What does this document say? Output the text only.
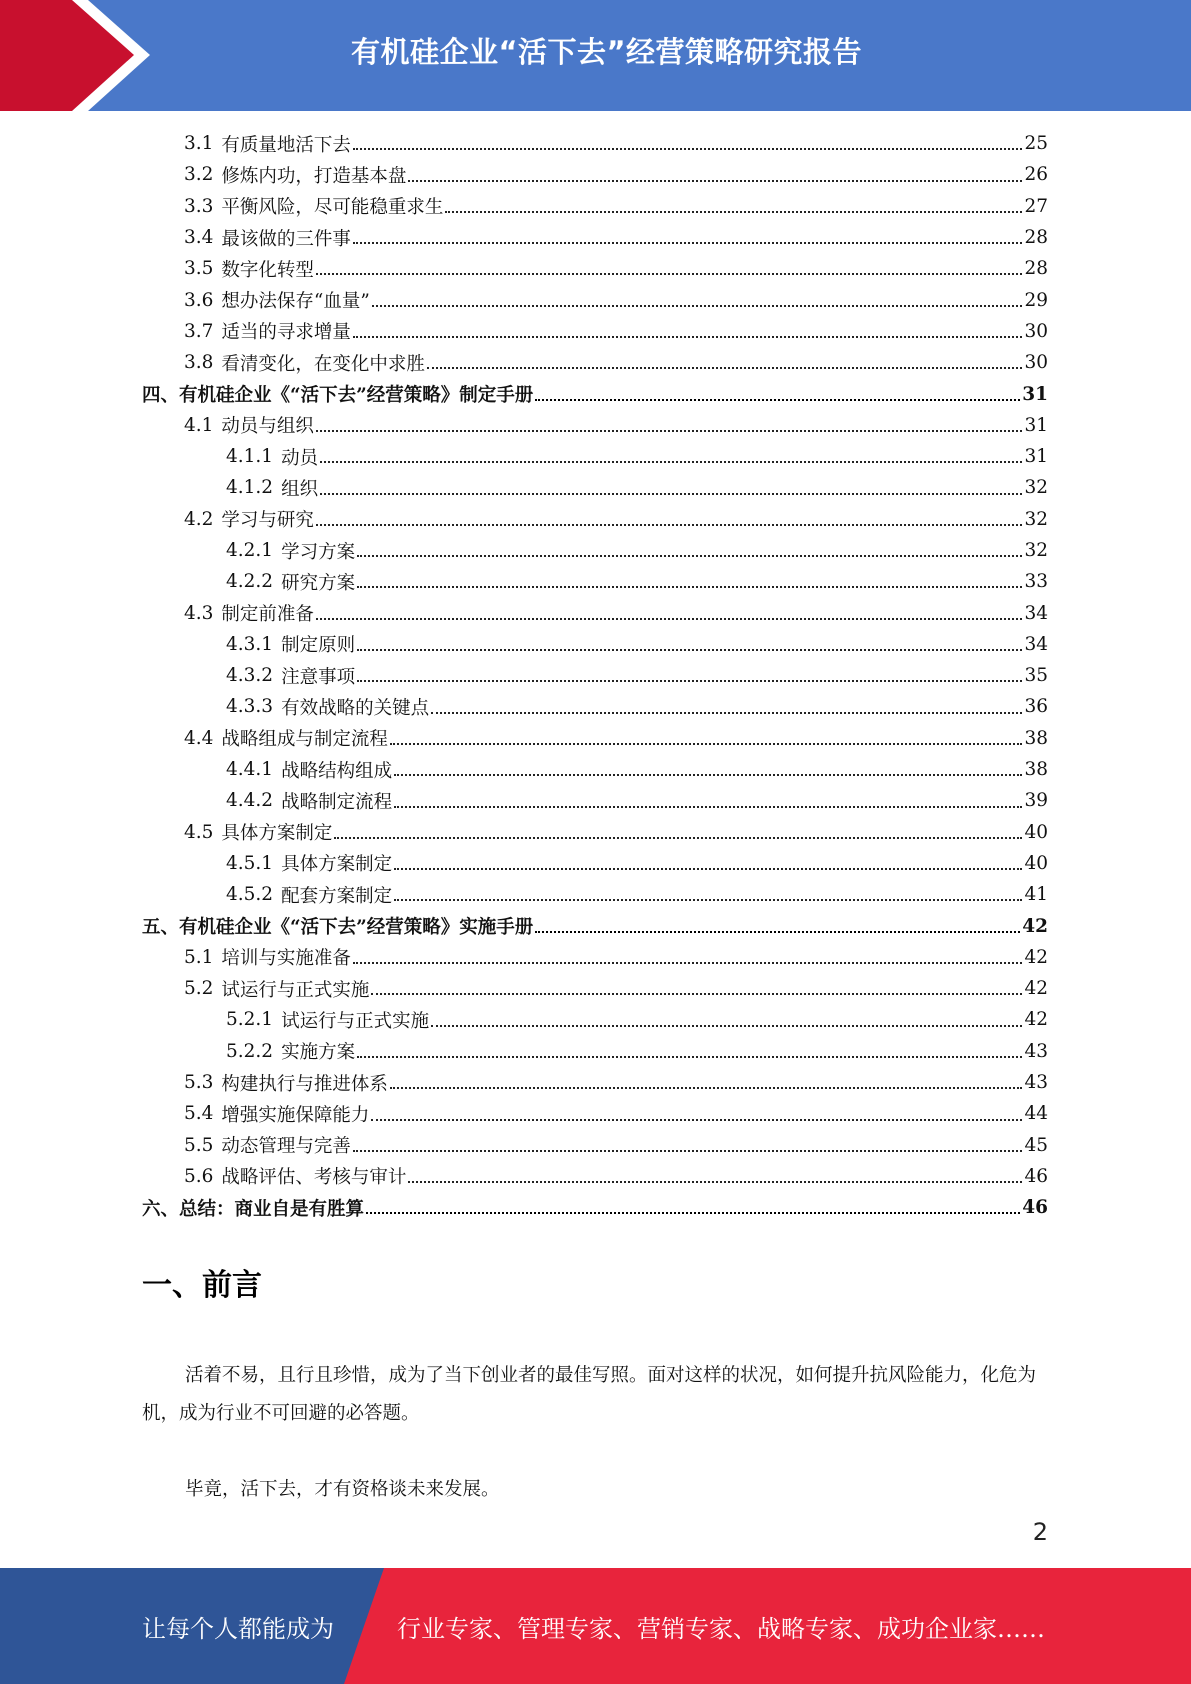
有机硅企业“活下去”经营策略研究报告
3.1 有质量地活下去	25
3.2 修炼内功，打造基本盘	26
3.3 平衡风险，尽可能稳重求生	27
3.4 最该做的三件事	28
3.5 数字化转型	28
3.6 想办法保存“血量”	29
3.7 适当的寻求增量	30
3.8 看清变化，在变化中求胜	30
四、有机硅企业《“活下去”经营策略》制定手册	31
4.1 动员与组织	31
4.1.1 动员	31
4.1.2 组织	32
4.2 学习与研究	32
4.2.1 学习方案	32
4.2.2 研究方案	33
4.3 制定前准备	34
4.3.1 制定原则	34
4.3.2 注意事项	35
4.3.3 有效战略的关键点	36
4.4 战略组成与制定流程	38
4.4.1 战略结构组成	38
4.4.2 战略制定流程	39
4.5 具体方案制定	40
4.5.1 具体方案制定	40
4.5.2 配套方案制定	41
五、有机硅企业《“活下去”经营策略》实施手册	42
5.1 培训与实施准备	42
5.2 试运行与正式实施	42
5.2.1 试运行与正式实施	42
5.2.2 实施方案	43
5.3 构建执行与推进体系	43
5.4 增强实施保障能力	44
5.5 动态管理与完善	45
5.6 战略评估、考核与审计	46
六、总结：商业自是有胜算	46
一、前言
活着不易，且行且珍惜，成为了当下创业者的最佳写照。面对这样的状况，如何提升抗风险能力，化危为机，成为行业不可回避的必答题。
毕竟，活下去，才有资格谈未来发展。
2
让每个人都能成为	行业专家、管理专家、营销专家、战略专家、成功企业家……
